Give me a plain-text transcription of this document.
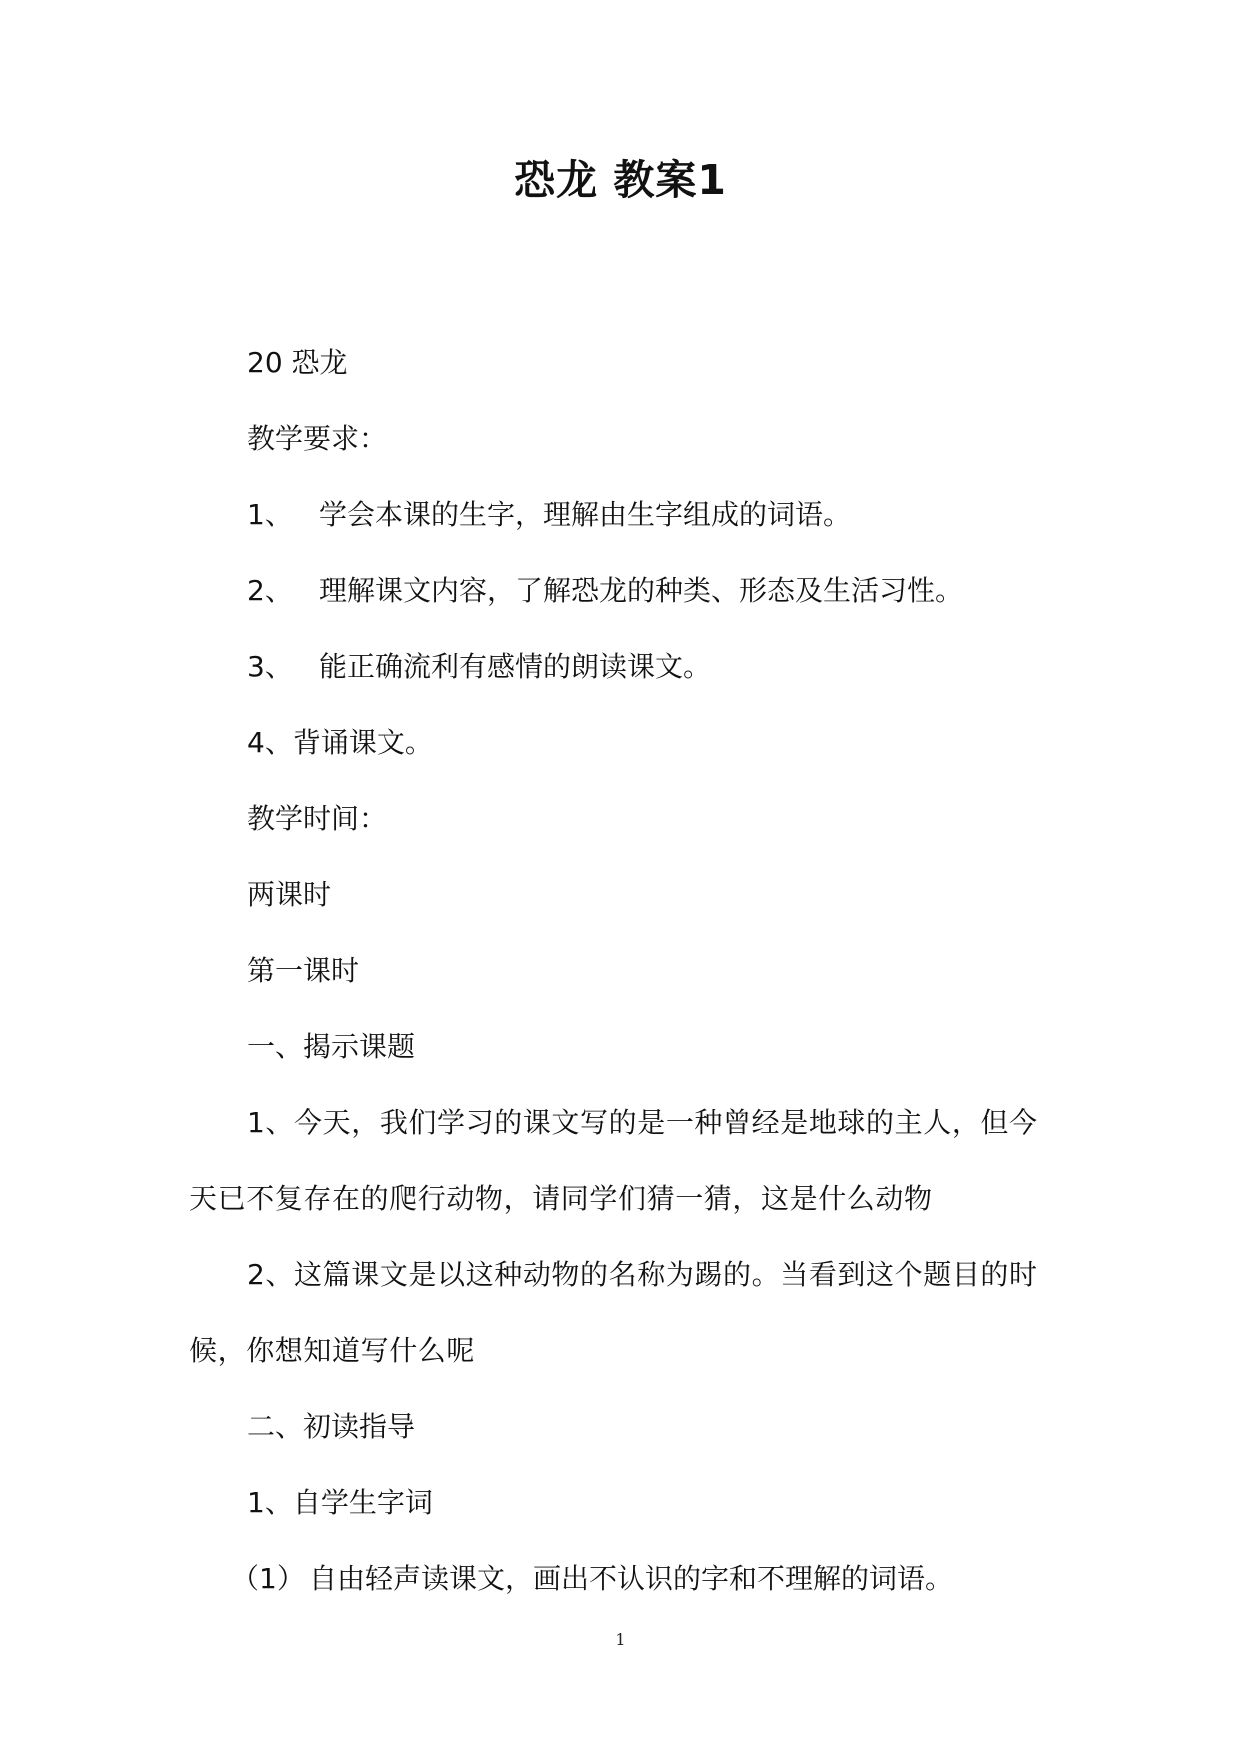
恐龙 教案1

20 恐龙

教学要求：

1、 学会本课的生字，理解由生字组成的词语。

2、 理解课文内容，了解恐龙的种类、形态及生活习性。

3、 能正确流利有感情的朗读课文。

4、背诵课文。

教学时间：

两课时

第一课时

一、揭示课题

1、今天，我们学习的课文写的是一种曾经是地球的主人，但今天已不复存在的爬行动物，请同学们猜一猜，这是什么动物

2、这篇课文是以这种动物的名称为踢的。当看到这个题目的时候，你想知道写什么呢

二、初读指导

1、自学生字词

（1） 自由轻声读课文，画出不认识的字和不理解的词语。

1
